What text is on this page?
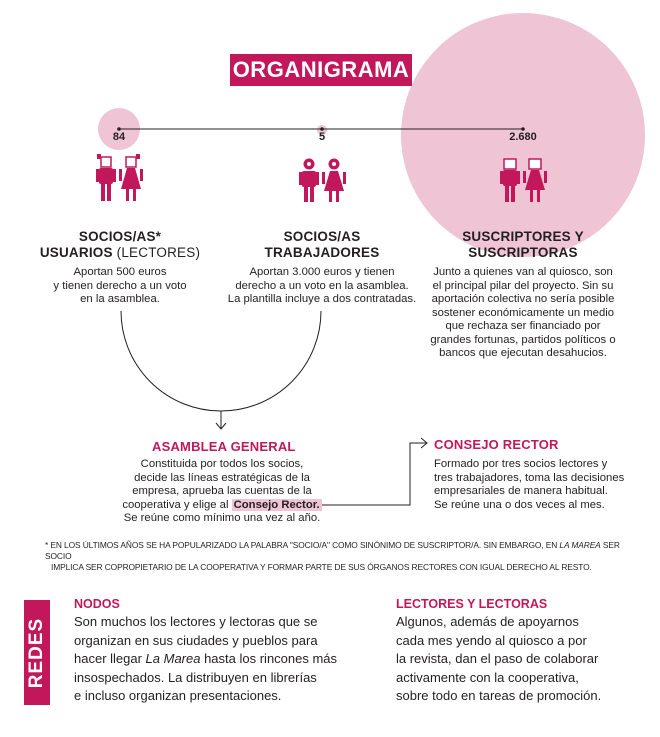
ORGANIGRAMA
84	5	2.680
SOCIOS/AS*
USUARIOS (LECTORES)
Aportan 500 euros
y tienen derecho a un voto
en la asamblea.
SOCIOS/AS
TRABAJADORES
Aportan 3.000 euros y tienen
derecho a un voto en la asamblea.
La plantilla incluye a dos contratadas.
SUSCRIPTORES Y
SUSCRIPTORAS
Junto a quienes van al quiosco, son
el principal pilar del proyecto. Sin su
aportación colectiva no sería posible
sostener económicamente un medio
que rechaza ser financiado por
grandes fortunas, partidos políticos o
bancos que ejecutan desahucios.
ASAMBLEA GENERAL
Constituida por todos los socios,
decide las líneas estratégicas de la
empresa, aprueba las cuentas de la
cooperativa y elige al Consejo Rector.
Se reúne como mínimo una vez al año.
CONSEJO RECTOR
Formado por tres socios lectores y
tres trabajadores, toma las decisiones
empresariales de manera habitual.
Se reúne una o dos veces al mes.
* EN LOS ÚLTIMOS AÑOS SE HA POPULARIZADO LA PALABRA "SOCIO/A" COMO SINÓNIMO DE SUSCRIPTOR/A. SIN EMBARGO, EN LA MAREA SER SOCIO
IMPLICA SER COPROPIETARIO DE LA COOPERATIVA Y FORMAR PARTE DE SUS ÓRGANOS RECTORES CON IGUAL DERECHO AL RESTO.
REDES
NODOS
Son muchos los lectores y lectoras que se
organizan en sus ciudades y pueblos para
hacer llegar La Marea hasta los rincones más
insospechados. La distribuyen en librerías
e incluso organizan presentaciones.
LECTORES Y LECTORAS
Algunos, además de apoyarnos
cada mes yendo al quiosco a por
la revista, dan el paso de colaborar
activamente con la cooperativa,
sobre todo en tareas de promoción.
